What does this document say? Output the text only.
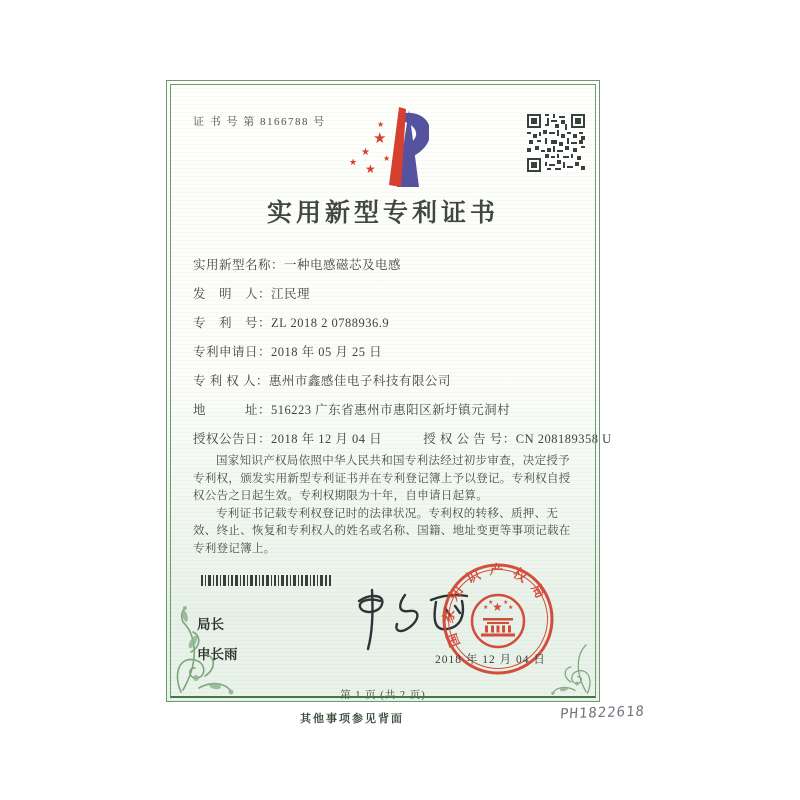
证 书 号 第 8166788 号
★
★
★ ★
★
★
实用新型专利证书
实用新型名称：一种电感磁芯及电感
发　明　人：江民理
专　利　号：ZL 2018 2 0788936.9
专利申请日：2018 年 05 月 25 日
专 利 权 人：惠州市鑫感佳电子科技有限公司
地　　　址：516223 广东省惠州市惠阳区新圩镇元洞村
授权公告日：2018 年 12 月 04 日	授 权 公 告 号：CN 208189358 U

国家知识产权局依照中华人民共和国专利法经过初步审查，决定授予专利权，颁发实用新型专利证书并在专利登记簿上予以登记。专利权自授权公告之日起生效。专利权期限为十年，自申请日起算。

专利证书记载专利权登记时的法律状况。专利权的转移、质押、无效、终止、恢复和专利权人的姓名或名称、国籍、地址变更等事项记载在专利登记簿上。

局长
申长雨
国家知识产权局
★
★
★ ★
★
2018 年 12 月 04 日
第 1 页 (共 2 页)
其他事项参见背面	PH1822618
